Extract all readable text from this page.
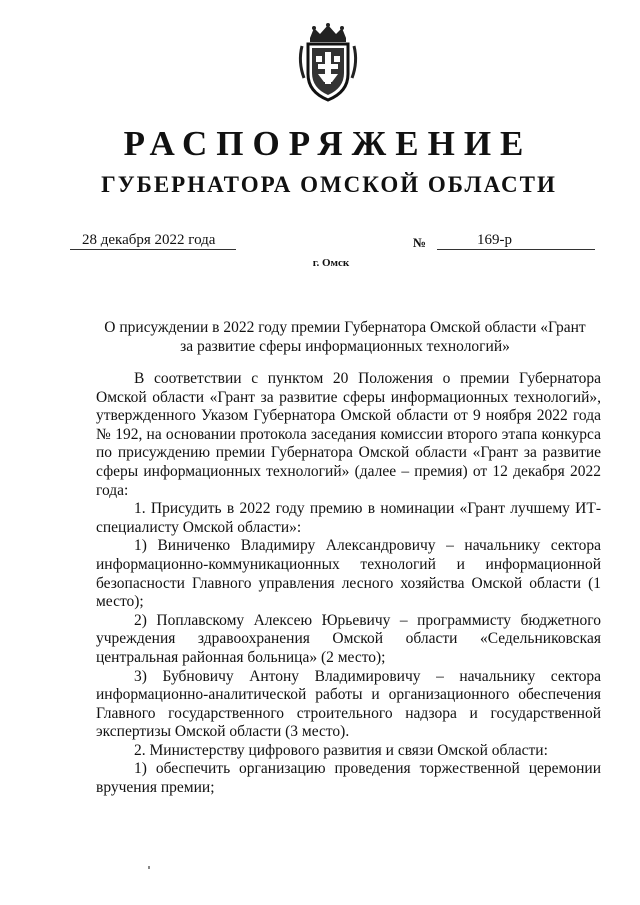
РАСПОРЯЖЕНИЕ
ГУБЕРНАТОРА ОМСКОЙ ОБЛАСТИ
28 декабря 2022 года	№	169-р
г. Омск
О присуждении в 2022 году премии Губернатора Омской области «Грант за развитие сферы информационных технологий»

В соответствии с пунктом 20 Положения о премии Губернатора Омской области «Грант за развитие сферы информационных технологий», утвержденного Указом Губернатора Омской области от 9 ноября 2022 года № 192, на основании протокола заседания комиссии второго этапа конкурса по присуждению премии Губернатора Омской области «Грант за развитие сферы информационных технологий» (далее – премия) от 12 декабря 2022 года:

1. Присудить в 2022 году премию в номинации «Грант лучшему ИТ-специалисту Омской области»:

1) Виниченко Владимиру Александровичу – начальнику сектора информационно-коммуникационных технологий и информационной безопасности Главного управления лесного хозяйства Омской области (1 место);

2) Поплавскому Алексею Юрьевичу – программисту бюджетного учреждения здравоохранения Омской области «Седельниковская центральная районная больница» (2 место);

3) Бубновичу Антону Владимировичу – начальнику сектора информационно-аналитической работы и организационного обеспечения Главного государственного строительного надзора и государственной экспертизы Омской области (3 место).

2. Министерству цифрового развития и связи Омской области:

1) обеспечить организацию проведения торжественной церемонии вручения премии;
